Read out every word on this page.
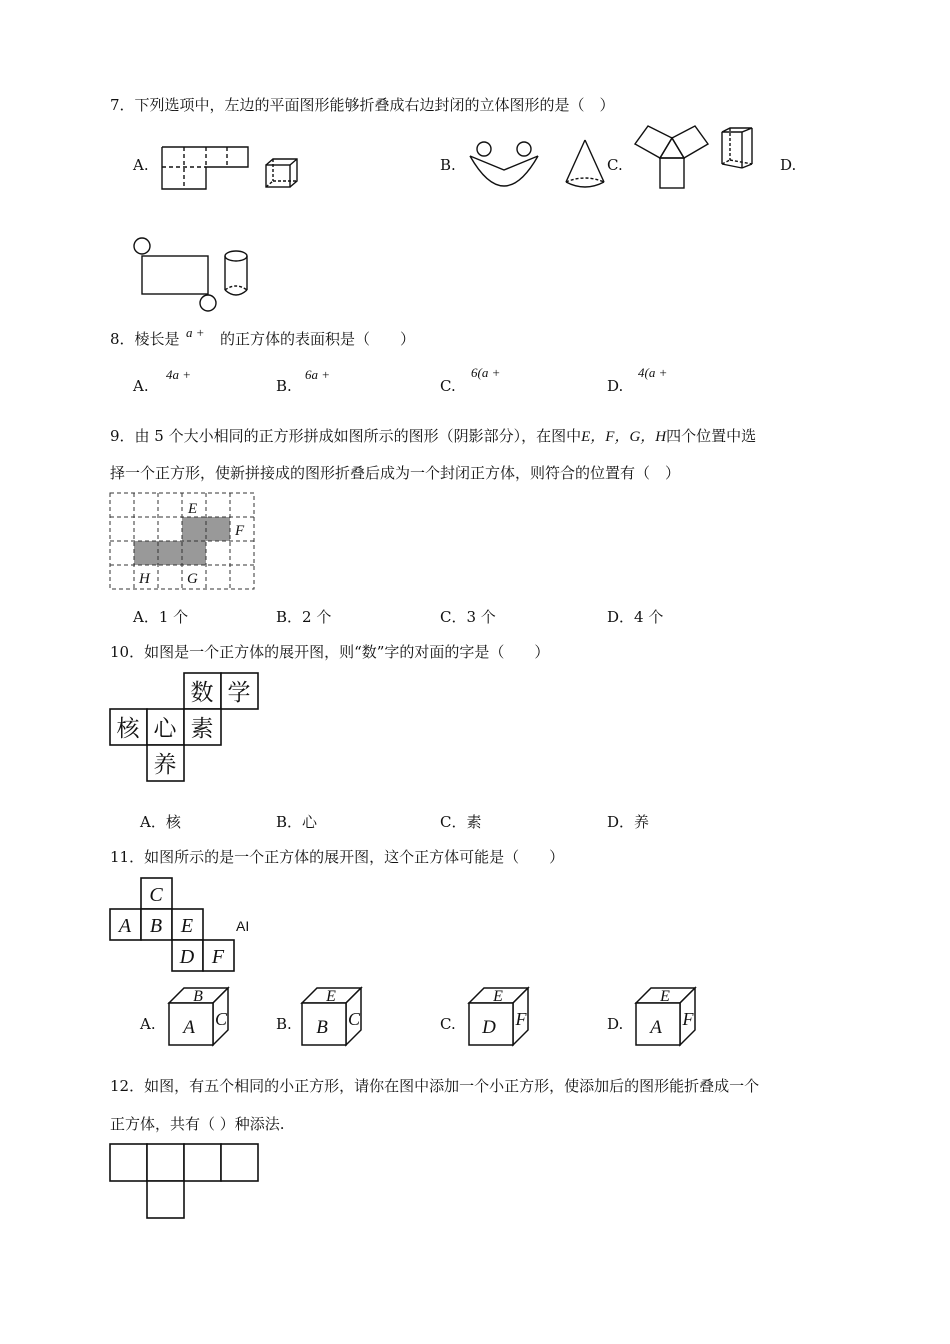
7．下列选项中，左边的平面图形能够折叠成右边封闭的立体图形的是（　）
A.	B.	C.	D.
8．棱长是 a + 的正方体的表面积是（　　）
A.
4a +
B.
6a +
C.
6(a +
D.
4(a +
9．由 5 个大小相同的正方形拼成如图所示的图形（阴影部分），在图中E，F，G，H四个位置中选
择一个正方形，使新拼接成的图形折叠后成为一个封闭正方体，则符合的位置有（　）
E
F
H G
A．1 个	B．2 个	C．3 个	D．4 个
10．如图是一个正方体的展开图，则“数”字的对面的字是（　　）
数 学
核 心 素
养
A．核	B．心	C．素	D．养
11．如图所示的是一个正方体的展开图，这个正方体可能是（　　）
C
A B E
D F
AI
A.
B
A C	B.
E
B C	C.
E
D F	D.
E
A F
12．如图，有五个相同的小正方形，请你在图中添加一个小正方形，使添加后的图形能折叠成一个
正方体，共有（ ）种添法.
